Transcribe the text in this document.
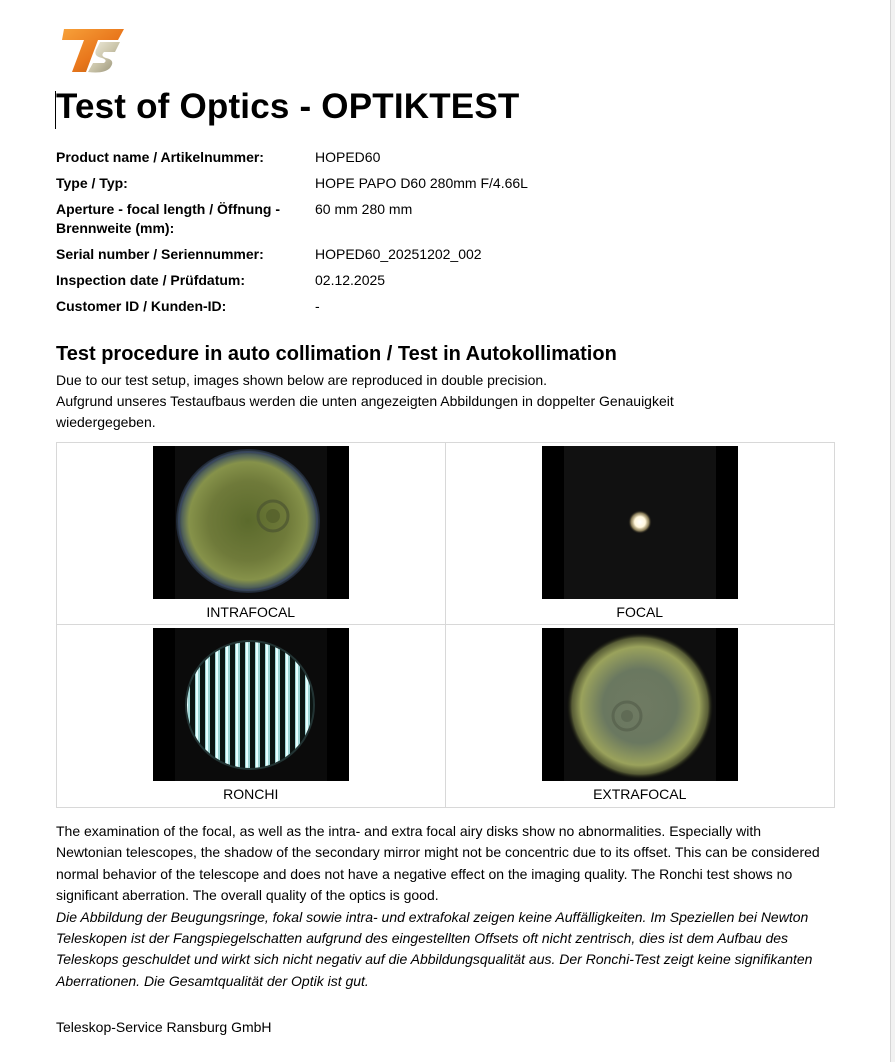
Test of Optics - OPTIKTEST
Product name / Artikelnummer:	HOPED60
Type / Typ:	HOPE PAPO D60 280mm F/4.66L
Aperture - focal length / Öffnung - Brennweite (mm):
60 mm 280 mm
Serial number / Seriennummer:	HOPED60_20251202_002
Inspection date / Prüfdatum:	02.12.2025
Customer ID / Kunden-ID:	-
Test procedure in auto collimation / Test in Autokollimation

Due to our test setup, images shown below are reproduced in double precision.

Aufgrund unseres Testaufbaus werden die unten angezeigten Abbildungen in doppelter Genauigkeit wiedergegeben.

INTRAFOCAL	FOCAL
RONCHI	EXTRAFOCAL

The examination of the focal, as well as the intra- and extra focal airy disks show no abnormalities. Especially with Newtonian telescopes, the shadow of the secondary mirror might not be concentric due to its offset. This can be considered normal behavior of the telescope and does not have a negative effect on the imaging quality. The Ronchi test shows no significant aberration. The overall quality of the optics is good.

Die Abbildung der Beugungsringe, fokal sowie intra- und extrafokal zeigen keine Auffälligkeiten. Im Speziellen bei Newton Teleskopen ist der Fangspiegelschatten aufgrund des eingestellten Offsets oft nicht zentrisch, dies ist dem Aufbau des Teleskops geschuldet und wirkt sich nicht negativ auf die Abbildungsqualität aus. Der Ronchi-Test zeigt keine signifikanten Aberrationen. Die Gesamtqualität der Optik ist gut.

Teleskop-Service Ransburg GmbH
